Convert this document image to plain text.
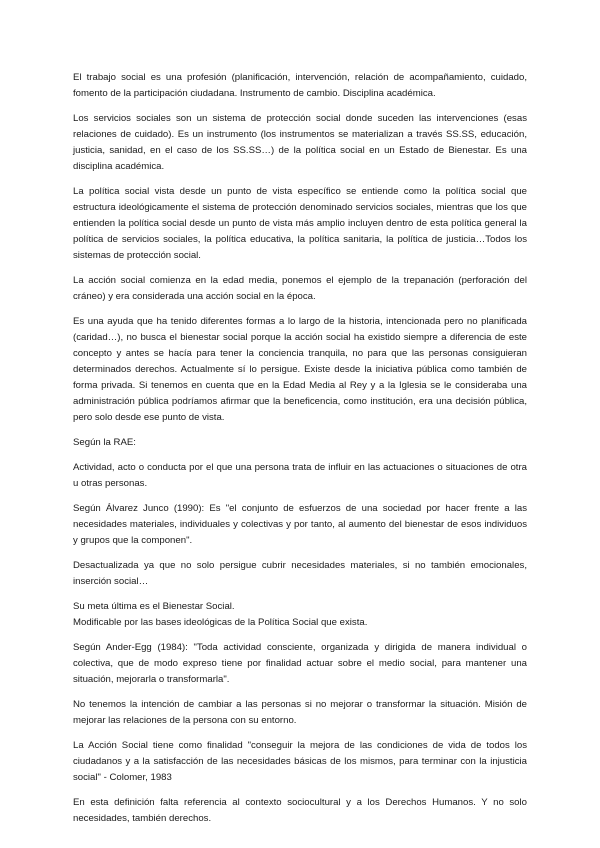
El trabajo social es una profesión (planificación, intervención, relación de acompañamiento, cuidado, fomento de la participación ciudadana. Instrumento de cambio. Disciplina académica.

Los servicios sociales son un sistema de protección social donde suceden las intervenciones (esas relaciones de cuidado). Es un instrumento (los instrumentos se materializan a través SS.SS, educación, justicia, sanidad, en el caso de los SS.SS…) de la política social en un Estado de Bienestar. Es una disciplina académica.

La política social vista desde un punto de vista específico se entiende como la política social que estructura ideológicamente el sistema de protección denominado servicios sociales, mientras que los que entienden la política social desde un punto de vista más amplio incluyen dentro de esta política general la política de servicios sociales, la política educativa, la política sanitaria, la política de justicia…Todos los sistemas de protección social.

La acción social comienza en la edad media, ponemos el ejemplo de la trepanación (perforación del cráneo) y era considerada una acción social en la época.

Es una ayuda que ha tenido diferentes formas a lo largo de la historia, intencionada pero no planificada (caridad…), no busca el bienestar social porque la acción social ha existido siempre a diferencia de este concepto y antes se hacía para tener la conciencia tranquila, no para que las personas consiguieran determinados derechos. Actualmente sí lo persigue. Existe desde la iniciativa pública como también de forma privada. Si tenemos en cuenta que en la Edad Media al Rey y a la Iglesia se le consideraba una administración pública podríamos afirmar que la beneficencia, como institución, era una decisión pública, pero solo desde ese punto de vista.

Según la RAE:

Actividad, acto o conducta por el que una persona trata de influir en las actuaciones o situaciones de otra u otras personas.

Según Álvarez Junco (1990): Es "el conjunto de esfuerzos de una sociedad por hacer frente a las necesidades materiales, individuales y colectivas y por tanto, al aumento del bienestar de esos individuos y grupos que la componen".

Desactualizada ya que no solo persigue cubrir necesidades materiales, si no también emocionales, inserción social…

Su meta última es el Bienestar Social.

Modificable por las bases ideológicas de la Política Social que exista.

Según Ander-Egg (1984): "Toda actividad consciente, organizada y dirigida de manera individual o colectiva, que de modo expreso tiene por finalidad actuar sobre el medio social, para mantener una situación, mejorarla o transformarla".

No tenemos la intención de cambiar a las personas si no mejorar o transformar la situación. Misión de mejorar las relaciones de la persona con su entorno.

La Acción Social tiene como finalidad "conseguir la mejora de las condiciones de vida de todos los ciudadanos y a la satisfacción de las necesidades básicas de los mismos, para terminar con la injusticia social" - Colomer, 1983

En esta definición falta referencia al contexto sociocultural y a los Derechos Humanos. Y no solo necesidades, también derechos.
